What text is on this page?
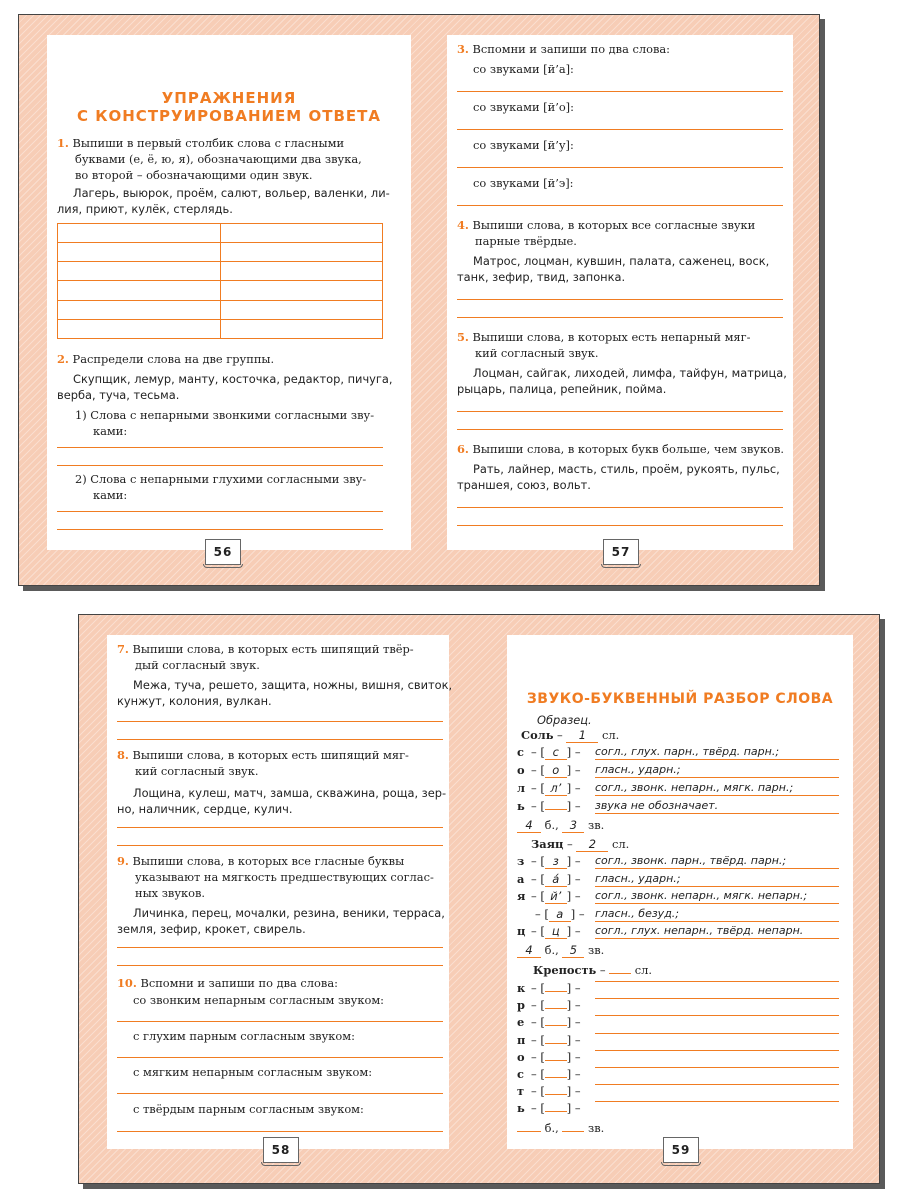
УПРАЖНЕНИЯ
С КОНСТРУИРОВАНИЕМ ОТВЕТА
1. Выпиши в первый столбик слова с гласными
буквами (е, ё, ю, я), обозначающими два звука,
во второй – обозначающими один звук.
Лагерь, выюрок, проём, салют, вольер, валенки, ли-
лия, приют, кулёк, стерлядь.

2. Распредели слова на две группы.
Скупщик, лемур, манту, косточка, редактор, пичуга,
верба, туча, тесьма.
1) Слова с непарными звонкими согласными зву-
ками:
2) Слова с непарными глухими согласными зву-
ками:
56
3. Вспомни и запиши по два слова:
со звуками [й’а]:
со звуками [й’о]:
со звуками [й’у]:
со звуками [й’э]:
4. Выпиши слова, в которых все согласные звуки
парные твёрдые.
Матрос, лоцман, кувшин, палата, саженец, воск,
танк, зефир, твид, запонка.
5. Выпиши слова, в которых есть непарный мяг-
кий согласный звук.
Лоцман, сайгак, лиходей, лимфа, тайфун, матрица,
рыцарь, палица, репейник, пойма.
6. Выпиши слова, в которых букв больше, чем звуков.
Рать, лайнер, масть, стиль, проём, рукоять, пульс,
траншея, союз, вольт.
57
7. Выпиши слова, в которых есть шипящий твёр-
дый согласный звук.
Межа, туча, решето, защита, ножны, вишня, свиток,
кунжут, колония, вулкан.
8. Выпиши слова, в которых есть шипящий мяг-
кий согласный звук.
Лощина, кулеш, матч, замша, скважина, роща, зер-
но, наличник, сердце, кулич.
9. Выпиши слова, в которых все гласные буквы
указывают на мягкость предшествующих соглас-
ных звуков.
Личинка, перец, мочалки, резина, веники, терраса,
земля, зефир, крокет, свирель.
10. Вспомни и запиши по два слова:
со звонким непарным согласным звуком:
с глухим парным согласным звуком:
с мягким непарным согласным звуком:
с твёрдым парным согласным звуком:
58
ЗВУКО-БУКВЕННЫЙ РАЗБОР СЛОВА
Образец.
Соль – 1 сл.
с – [ с ] – согл., глух. парн., твёрд. парн.;
о – [ о ] – гласн., ударн.;
л – [ л’ ] – согл., звонк. непарн., мягк. парн.;
ь – [ ] – звука не обозначает.
4 б., 3 зв.
Заяц – 2 сл.
з – [ з ] – согл., звонк. парн., твёрд. парн.;
а – [ а́ ] – гласн., ударн.;
я – [ й’ ] – согл., звонк. непарн., мягк. непарн.;
– [ а ] – гласн., безуд.;
ц – [ ц ] – согл., глух. непарн., твёрд. непарн.
4 б., 5 зв.
Крепость –  сл.
к – [ ] –
р – [ ] –
е – [ ] –
п – [ ] –
о – [ ] –
с – [ ] –
т – [ ] –
ь – [ ] –
б.,	зв.
59
